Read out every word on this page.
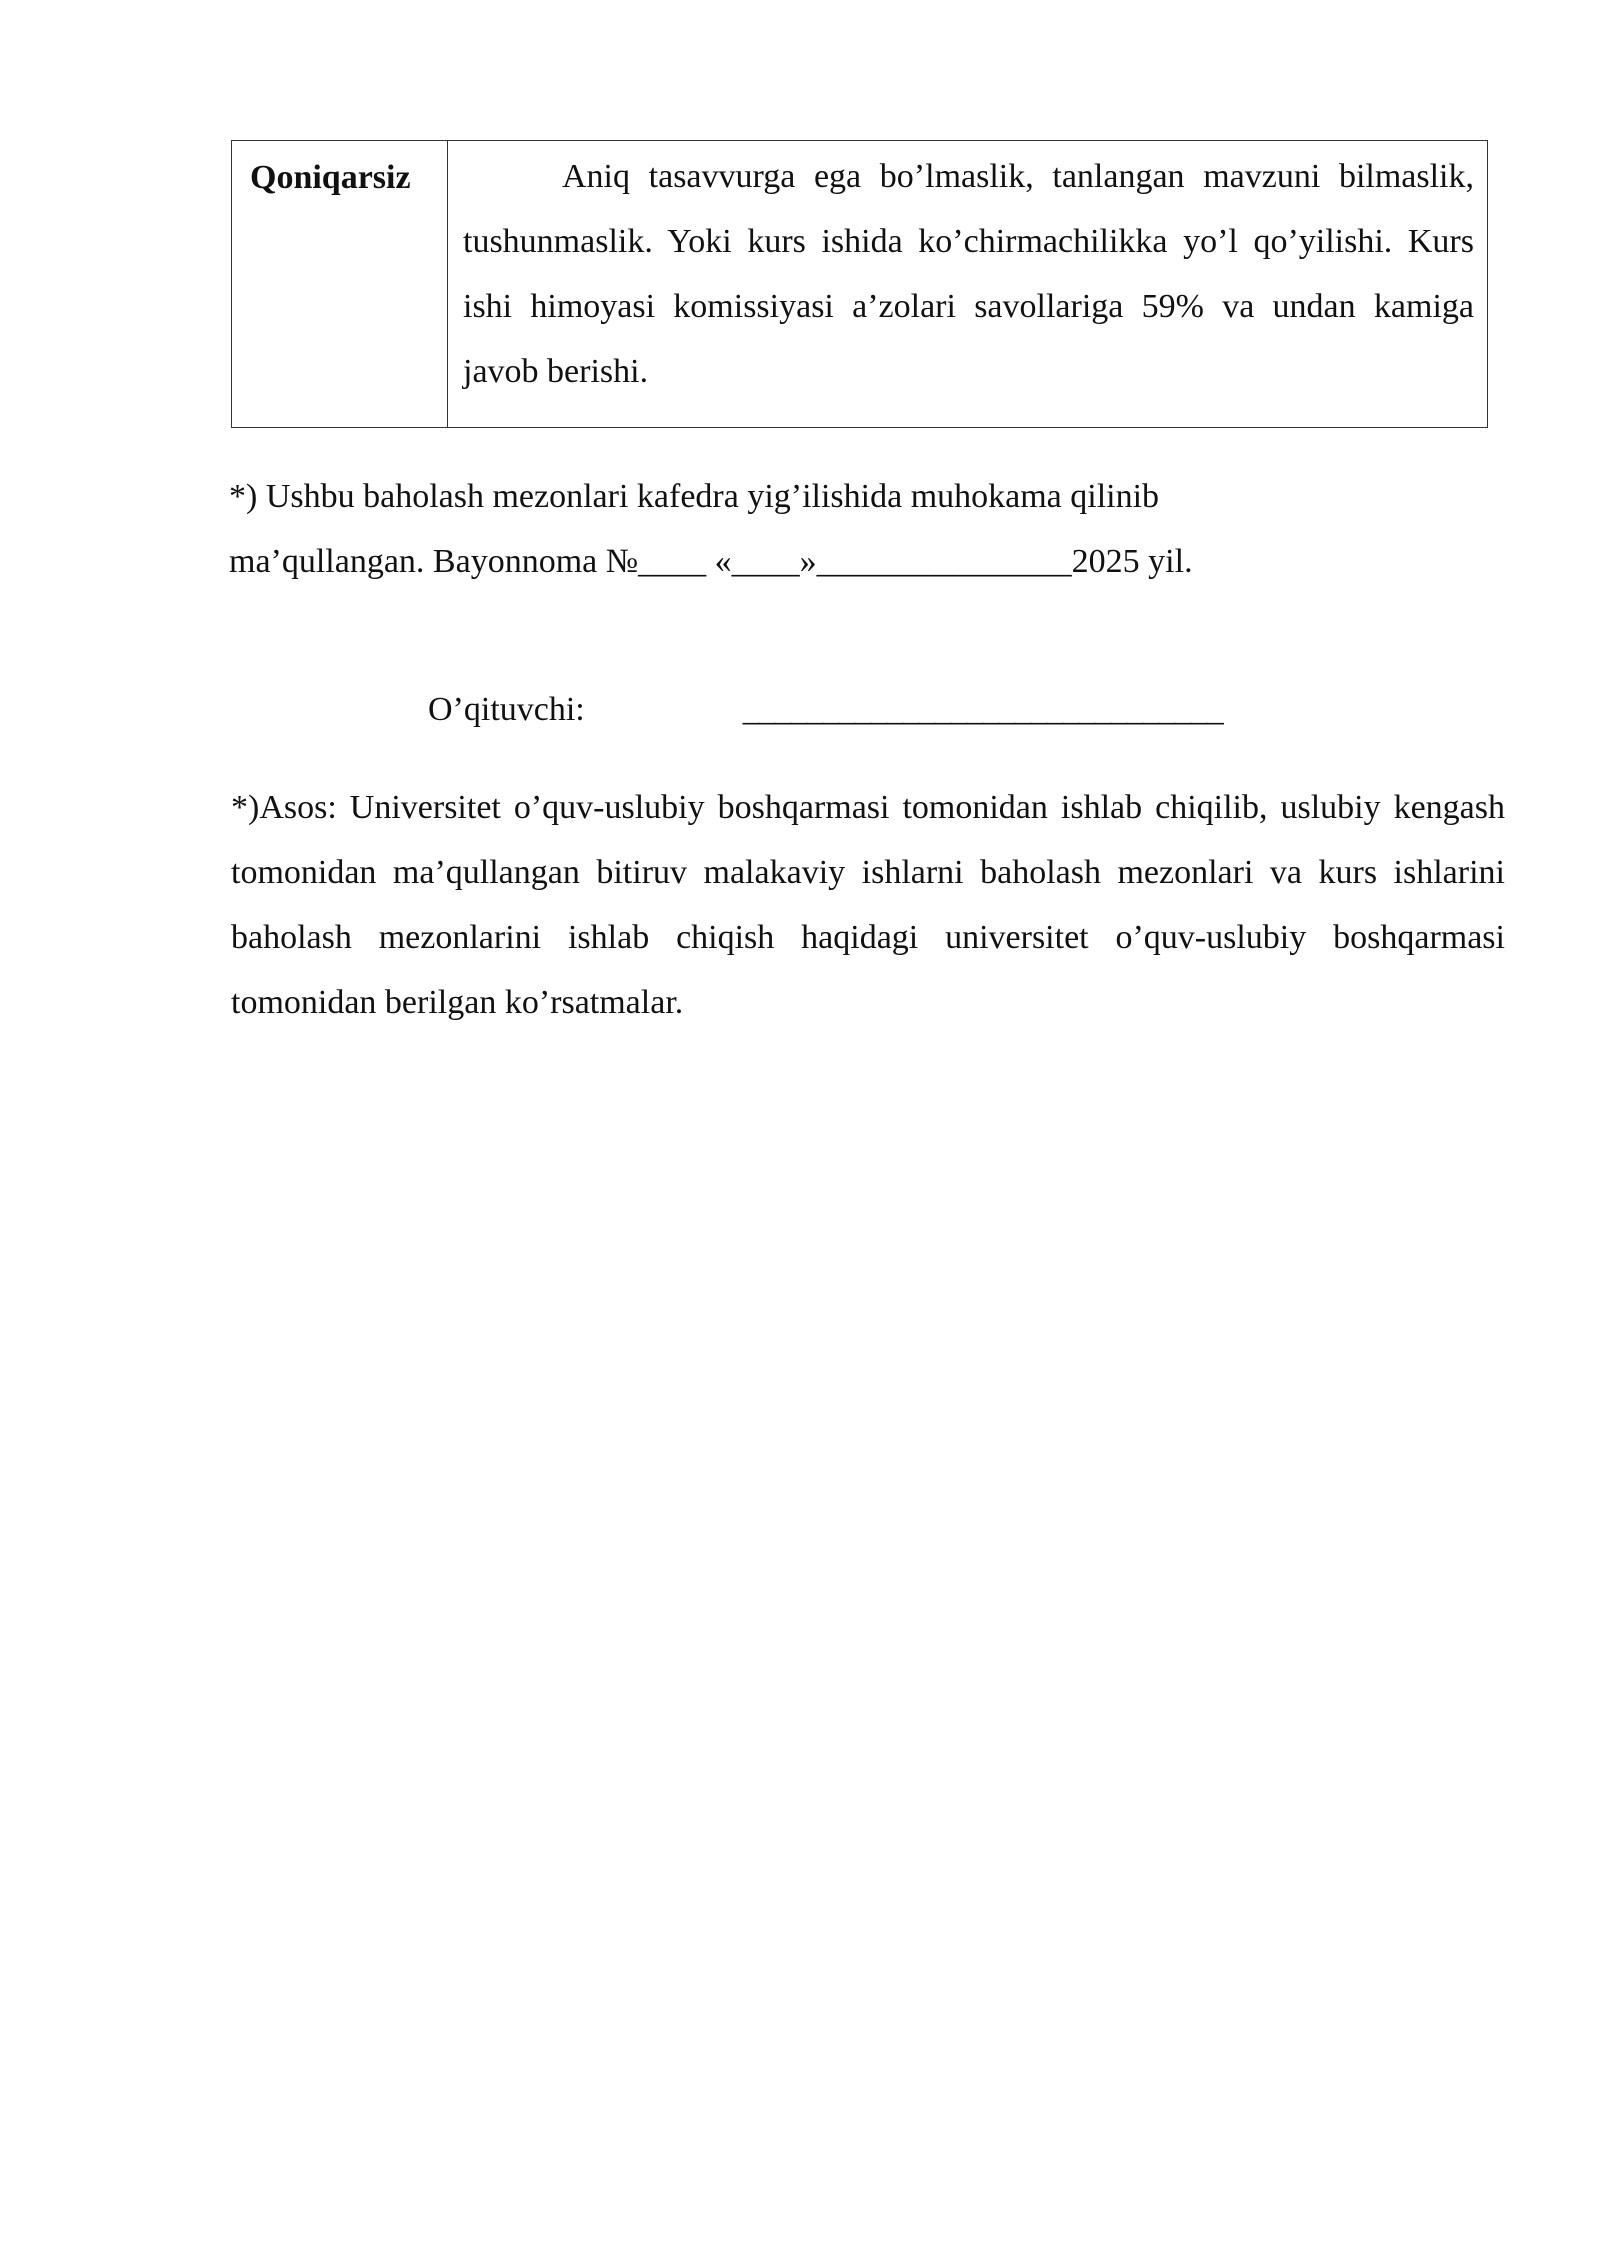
Qoniqarsiz	Aniq tasavvurga ega bo’lmaslik, tanlangan mavzuni bilmaslik, tushunmaslik. Yoki kurs ishida ko’chirmachilikka yo’l qo’yilishi. Kurs ishi himoyasi komissiyasi a’zolari savollariga 59% va undan kamiga javob berishi.
*) Ushbu baholash mezonlari kafedra yig’ilishida muhokama qilinib
ma’qullangan. Bayonnoma №____ «____»_______________2025 yil.
O’qituvchi:	______________________________
*)Asos: Universitet o’quv-uslubiy boshqarmasi tomonidan ishlab chiqilib, uslubiy kengash tomonidan ma’qullangan bitiruv malakaviy ishlarni baholash mezonlari va kurs ishlarini baholash mezonlarini ishlab chiqish haqidagi universitet o’quv-uslubiy boshqarmasi tomonidan berilgan ko’rsatmalar.
